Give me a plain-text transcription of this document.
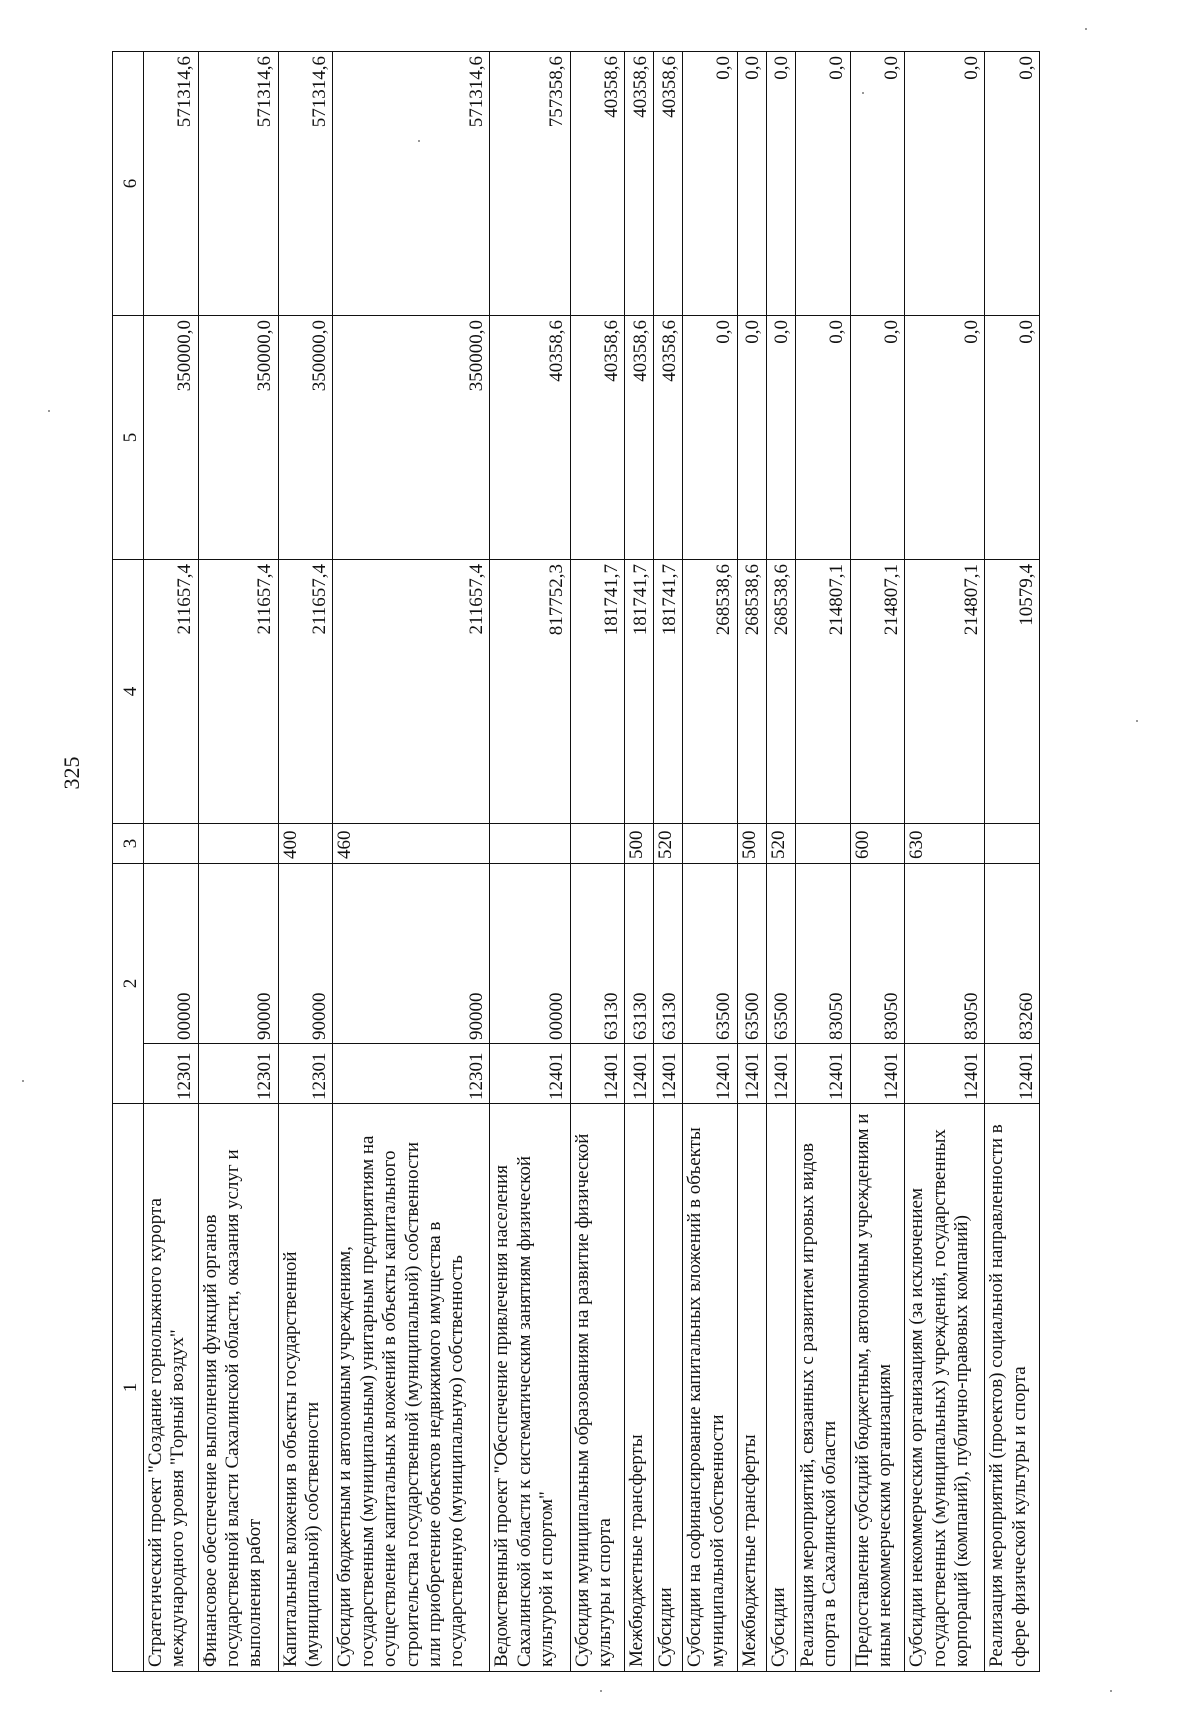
325
1	2		3	4	5	6
Стратегический проект "Создание горнолыжного курорта международного уровня "Горный воздух"	12301	00000		211657,4	350000,0	571314,6
Финансовое обеспечение выполнения функций органов государственной власти Сахалинской области, оказания услуг и выполнения работ	12301	90000		211657,4	350000,0	571314,6
Капитальные вложения в объекты государственной (муниципальной) собственности	12301	90000	400	211657,4	350000,0	571314,6
Субсидии бюджетным и автономным учреждениям, государственным (муниципальным) унитарным предприятиям на осуществление капитальных вложений в объекты капитального строительства государственной (муниципальной) собственности или приобретение объектов недвижимого имущества в государственную (муниципальную) собственность	12301	90000	460	211657,4	350000,0	571314,6
Ведомственный проект "Обеспечение привлечения населения Сахалинской области к систематическим занятиям физической культурой и спортом"	12401	00000		817752,3	40358,6	757358,6
Субсидия муниципальным образованиям на развитие физической культуры и спорта	12401	63130		181741,7	40358,6	40358,6
Межбюджетные трансферты	12401	63130	500	181741,7	40358,6	40358,6
Субсидии	12401	63130	520	181741,7	40358,6	40358,6
Субсидии на софинансирование капитальных вложений в объекты муниципальной собственности	12401	63500		268538,6	0,0	0,0
Межбюджетные трансферты	12401	63500	500	268538,6	0,0	0,0
Субсидии	12401	63500	520	268538,6	0,0	0,0
Реализация мероприятий, связанных с развитием игровых видов спорта в Сахалинской области	12401	83050		214807,1	0,0	0,0
Предоставление субсидий бюджетным, автономным учреждениям и иным некоммерческим организациям	12401	83050	600	214807,1	0,0	0,0
Субсидии некоммерческим организациям (за исключением государственных (муниципальных) учреждений, государственных корпораций (компаний), публично-правовых компаний)	12401	83050	630	214807,1	0,0	0,0
Реализация мероприятий (проектов) социальной направленности в сфере физической культуры и спорта	12401	83260		10579,4	0,0	0,0
